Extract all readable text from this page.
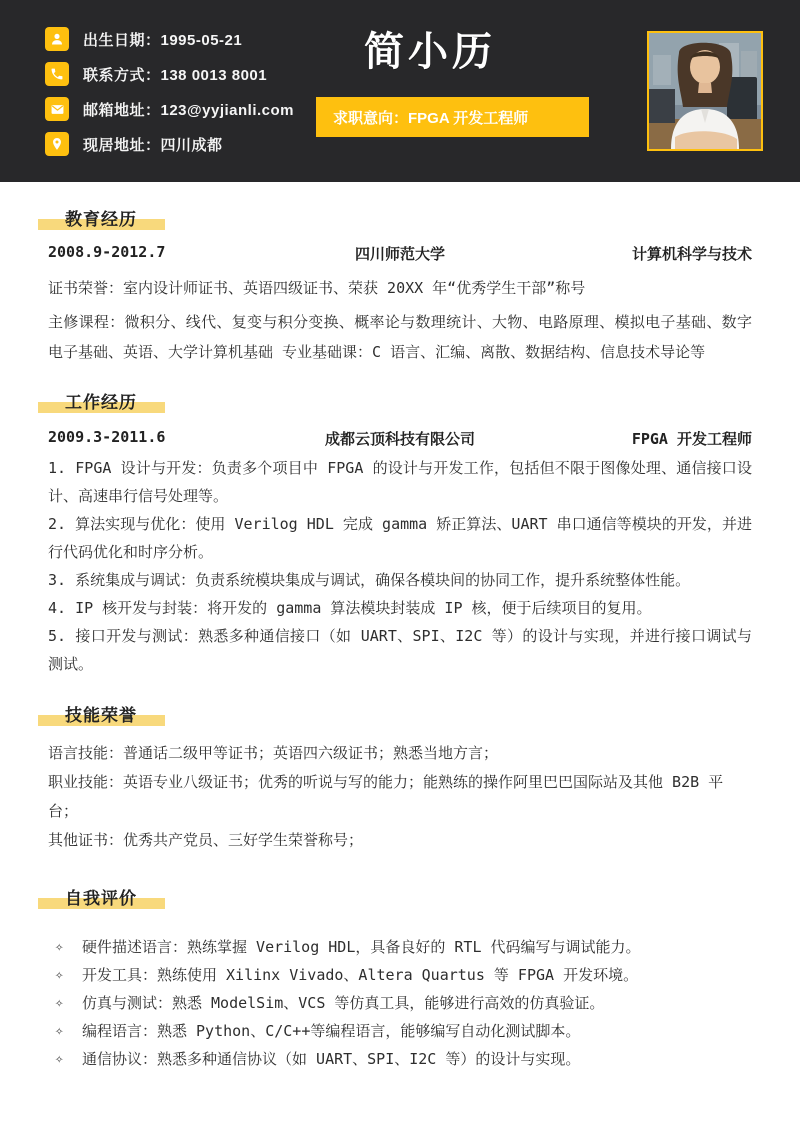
出生日期：1995-05-21
联系方式：138 0013 8001
邮箱地址：123@yyjianli.com
现居地址：四川成都
简小历
求职意向：FPGA 开发工程师
教育经历
2008.9-2012.7	四川师范大学	计算机科学与技术

证书荣誉：室内设计师证书、英语四级证书、荣获 20XX 年“优秀学生干部”称号

主修课程：微积分、线代、复变与积分变换、概率论与数理统计、大物、电路原理、模拟电子基础、数字电子基础、英语、大学计算机基础 专业基础课：C 语言、汇编、离散、数据结构、信息技术导论等

工作经历
2009.3-2011.6	成都云顶科技有限公司	FPGA 开发工程师

1. FPGA 设计与开发：负责多个项目中 FPGA 的设计与开发工作，包括但不限于图像处理、通信接口设计、高速串行信号处理等。

2. 算法实现与优化：使用 Verilog HDL 完成 gamma 矫正算法、UART 串口通信等模块的开发，并进行代码优化和时序分析。

3. 系统集成与调试：负责系统模块集成与调试，确保各模块间的协同工作，提升系统整体性能。

4. IP 核开发与封装：将开发的 gamma 算法模块封装成 IP 核，便于后续项目的复用。

5. 接口开发与测试：熟悉多种通信接口（如 UART、SPI、I2C 等）的设计与实现，并进行接口调试与测试。

技能荣誉

语言技能：普通话二级甲等证书；英语四六级证书；熟悉当地方言；

职业技能：英语专业八级证书；优秀的听说与写的能力；能熟练的操作阿里巴巴国际站及其他 B2B 平台；

其他证书：优秀共产党员、三好学生荣誉称号；

自我评价
✧	硬件描述语言：熟练掌握 Verilog HDL，具备良好的 RTL 代码编写与调试能力。
✧	开发工具：熟练使用 Xilinx Vivado、Altera Quartus 等 FPGA 开发环境。
✧	仿真与测试：熟悉 ModelSim、VCS 等仿真工具，能够进行高效的仿真验证。
✧	编程语言：熟悉 Python、C/C++等编程语言，能够编写自动化测试脚本。
✧	通信协议：熟悉多种通信协议（如 UART、SPI、I2C 等）的设计与实现。
